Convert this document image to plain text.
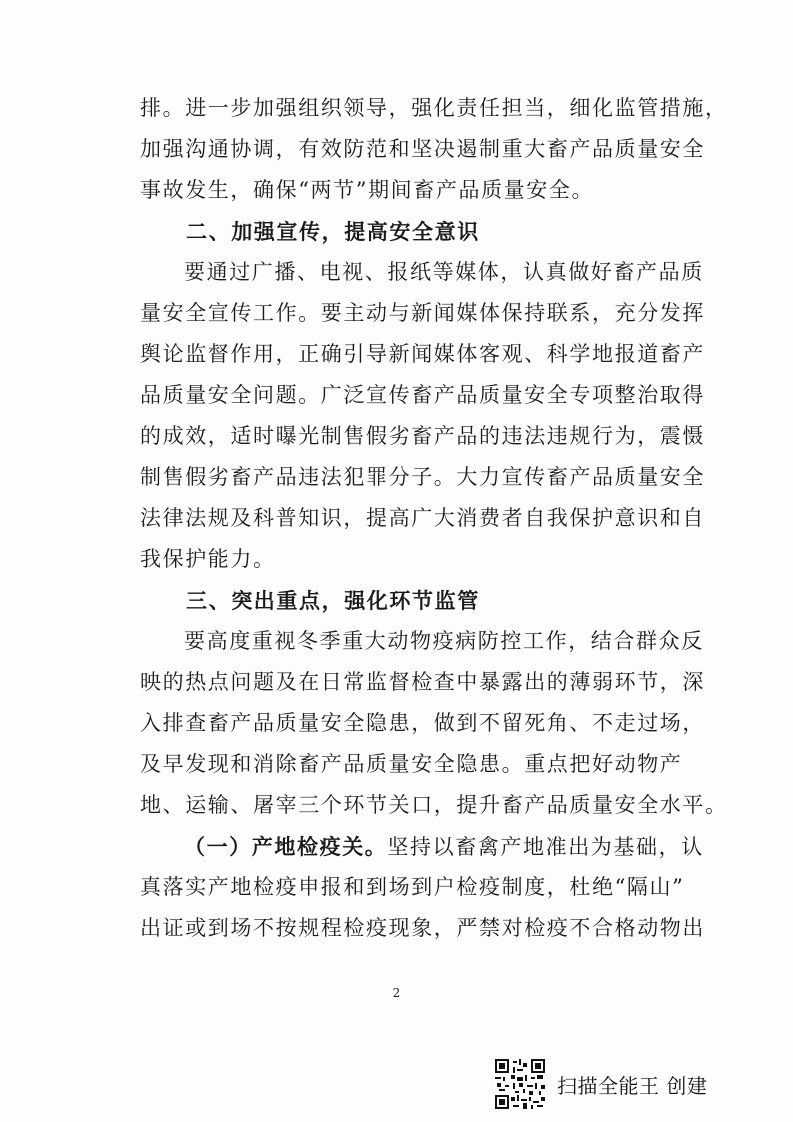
排。进一步加强组织领导，强化责任担当，细化监管措施，
加强沟通协调，有效防范和坚决遏制重大畜产品质量安全
事故发生，确保“两节”期间畜产品质量安全。
二、加强宣传，提高安全意识
要通过广播、电视、报纸等媒体，认真做好畜产品质
量安全宣传工作。要主动与新闻媒体保持联系，充分发挥
舆论监督作用，正确引导新闻媒体客观、科学地报道畜产
品质量安全问题。广泛宣传畜产品质量安全专项整治取得
的成效，适时曝光制售假劣畜产品的违法违规行为，震慑
制售假劣畜产品违法犯罪分子。大力宣传畜产品质量安全
法律法规及科普知识，提高广大消费者自我保护意识和自
我保护能力。
三、突出重点，强化环节监管
要高度重视冬季重大动物疫病防控工作，结合群众反
映的热点问题及在日常监督检查中暴露出的薄弱环节，深
入排查畜产品质量安全隐患，做到不留死角、不走过场，
及早发现和消除畜产品质量安全隐患。重点把好动物产
地、运输、屠宰三个环节关口，提升畜产品质量安全水平。
（一）产地检疫关。坚持以畜禽产地准出为基础，认
真落实产地检疫申报和到场到户检疫制度，杜绝“隔山”
出证或到场不按规程检疫现象，严禁对检疫不合格动物出
2
扫描全能王 创建
